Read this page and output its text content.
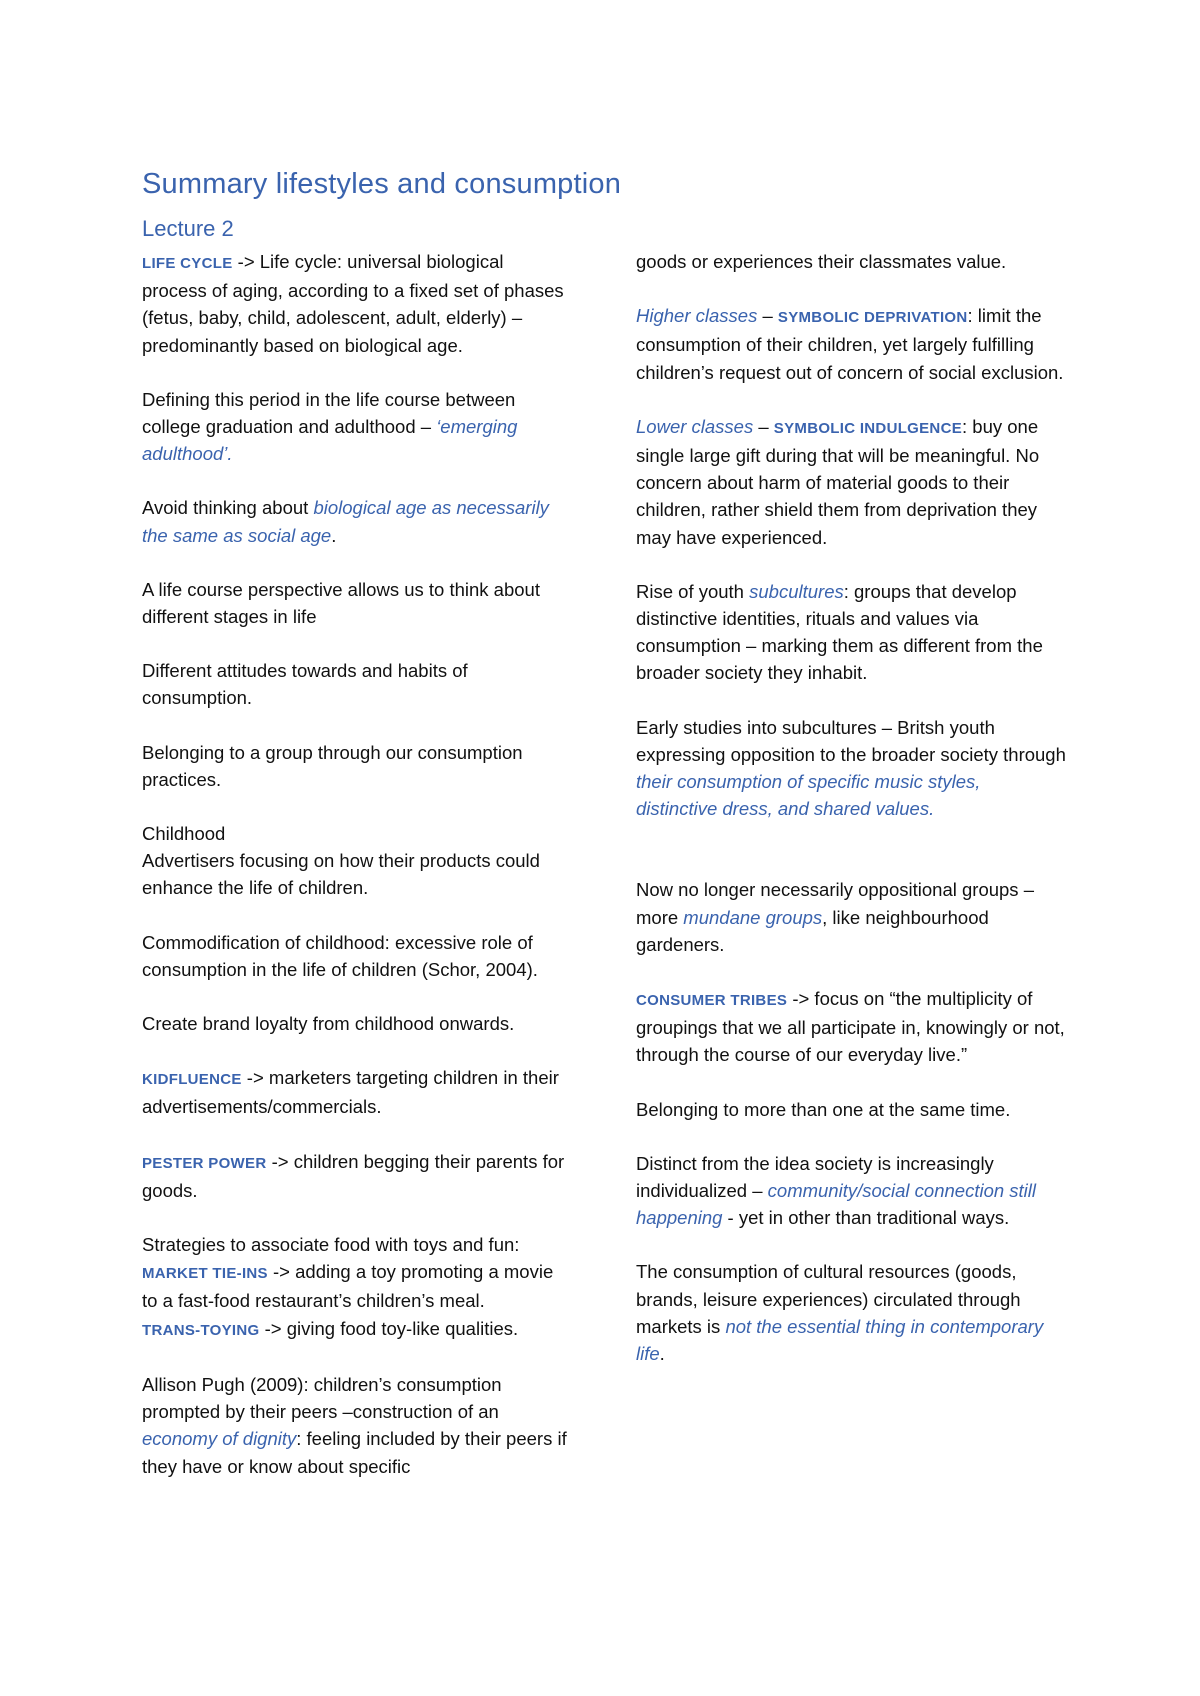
Summary lifestyles and consumption
Lecture 2

LIFE CYCLE -> Life cycle: universal biological process of aging, according to a fixed set of phases (fetus, baby, child, adolescent, adult, elderly) – predominantly based on biological age.

Defining this period in the life course between college graduation and adulthood – ‘emerging adulthood’.

Avoid thinking about biological age as necessarily the same as social age.

A life course perspective allows us to think about different stages in life

Different attitudes towards and habits of consumption.

Belonging to a group through our consumption practices.

Childhood
Advertisers focusing on how their products could enhance the life of children.

Commodification of childhood: excessive role of consumption in the life of children (Schor, 2004).

Create brand loyalty from childhood onwards.

KIDFLUENCE -> marketers targeting children in their advertisements/commercials.

PESTER POWER -> children begging their parents for goods.

Strategies to associate food with toys and fun:
MARKET TIE-INS -> adding a toy promoting a movie to a fast-food restaurant’s children’s meal.
TRANS-TOYING -> giving food toy-like qualities.

Allison Pugh (2009): children’s consumption prompted by their peers –construction of an economy of dignity: feeling included by their peers if they have or know about specific

goods or experiences their classmates value.

Higher classes – SYMBOLIC DEPRIVATION: limit the consumption of their children, yet largely fulfilling children’s request out of concern of social exclusion.

Lower classes – SYMBOLIC INDULGENCE: buy one single large gift during that will be meaningful. No concern about harm of material goods to their children, rather shield them from deprivation they may have experienced.

Rise of youth subcultures: groups that develop distinctive identities, rituals and values via consumption – marking them as different from the broader society they inhabit.

Early studies into subcultures – Britsh youth expressing opposition to the broader society through their consumption of specific music styles, distinctive dress, and shared values.

Now no longer necessarily oppositional groups – more mundane groups, like neighbourhood gardeners.

CONSUMER TRIBES -> focus on “the multiplicity of groupings that we all participate in, knowingly or not, through the course of our everyday live.”

Belonging to more than one at the same time.

Distinct from the idea society is increasingly individualized – community/social connection still happening - yet in other than traditional ways.

The consumption of cultural resources (goods, brands, leisure experiences) circulated through markets is not the essential thing in contemporary life.
